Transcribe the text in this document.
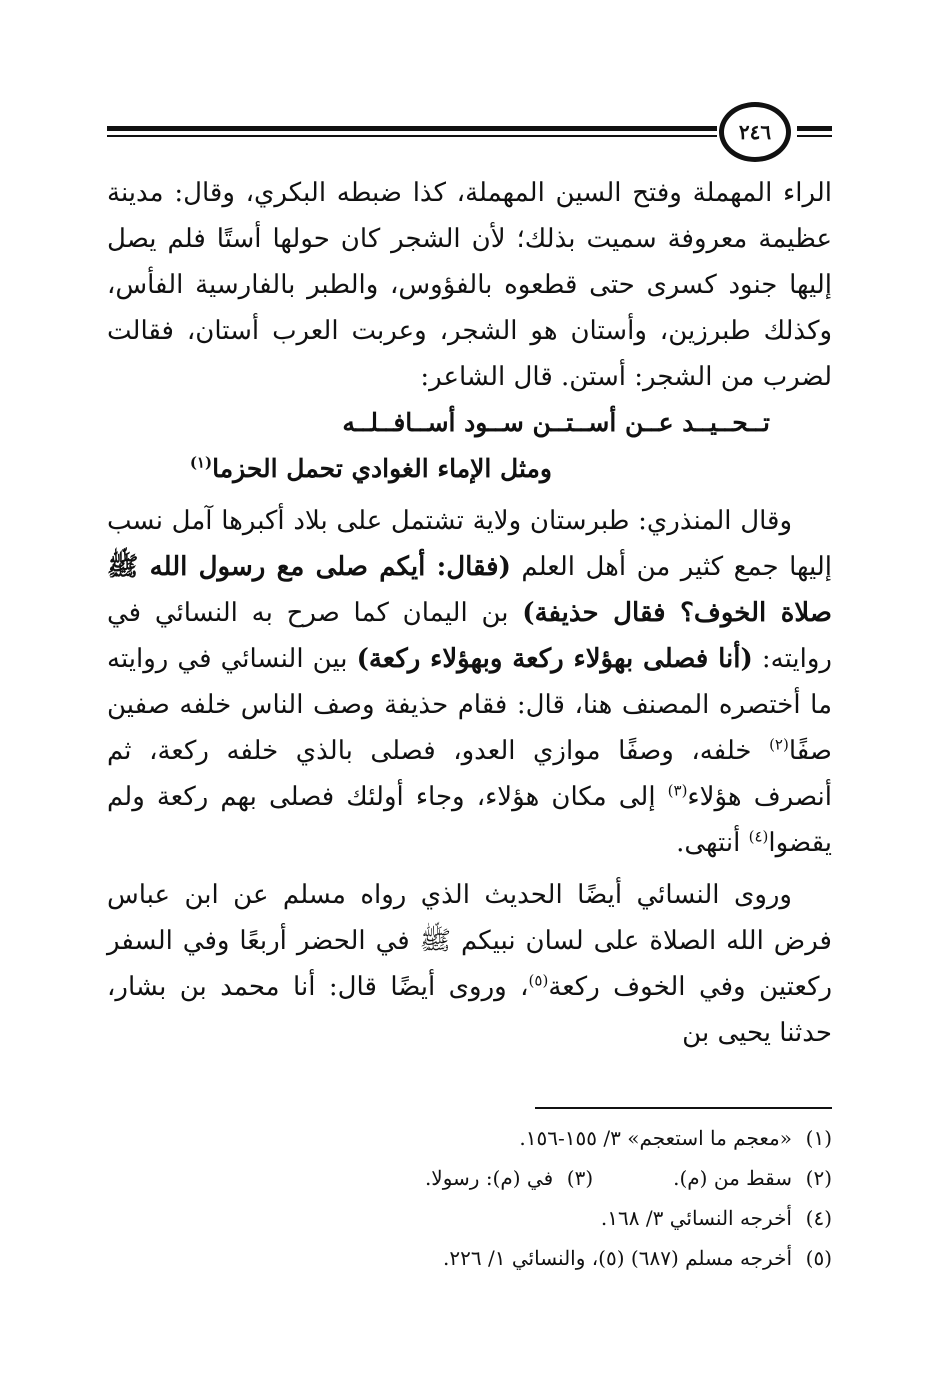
٢٤٦

الراء المهملة وفتح السين المهملة، كذا ضبطه البكري، وقال: مدينة عظيمة معروفة سميت بذلك؛ لأن الشجر كان حولها أستًا فلم يصل إليها جنود كسرى حتى قطعوه بالفؤوس، والطبر بالفارسية الفأس، وكذلك طبرزين، وأستان هو الشجر، وعربت العرب أستان، فقالت لضرب من الشجر: أستن. قال الشاعر:

تــحــيــد عــن أســتــن ســود أســافــلــه
ومثل الإماء الغوادي تحمل الحزما$^{(١)}$

وقال المنذري: طبرستان ولاية تشتمل على بلاد أكبرها آمل نسب إليها جمع كثير من أهل العلم (فقال: أيكم صلى مع رسول الله ﷺ صلاة الخوف؟ فقال حذيفة) بن اليمان كما صرح به النسائي في روايته: (أنا فصلى بهؤلاء ركعة وبهؤلاء ركعة) بين النسائي في روايته ما أختصره المصنف هنا، قال: فقام حذيفة وصف الناس خلفه صفين صفًا$^{(٢)}$ خلفه، وصفًا موازي العدو، فصلى بالذي خلفه ركعة، ثم أنصرف هؤلاء$^{(٣)}$ إلى مكان هؤلاء، وجاء أولئك فصلى بهم ركعة ولم يقضوا$^{(٤)}$ أنتهى.

وروى النسائي أيضًا الحديث الذي رواه مسلم عن ابن عباس فرض الله الصلاة على لسان نبيكم ﷺ في الحضر أربعًا وفي السفر ركعتين وفي الخوف ركعة$^{(٥)}$، وروى أيضًا قال: أنا محمد بن بشار، حدثنا يحيى بن

(١)
«معجم ما استعجم» ٣/ ١٥٥-١٥٦.
(٢)
سقط من (م).
(٣)
في (م): رسولا.
(٤)
أخرجه النسائي ٣/ ١٦٨.
(٥)
أخرجه مسلم (٦٨٧) (٥)، والنسائي ١/ ٢٢٦.
